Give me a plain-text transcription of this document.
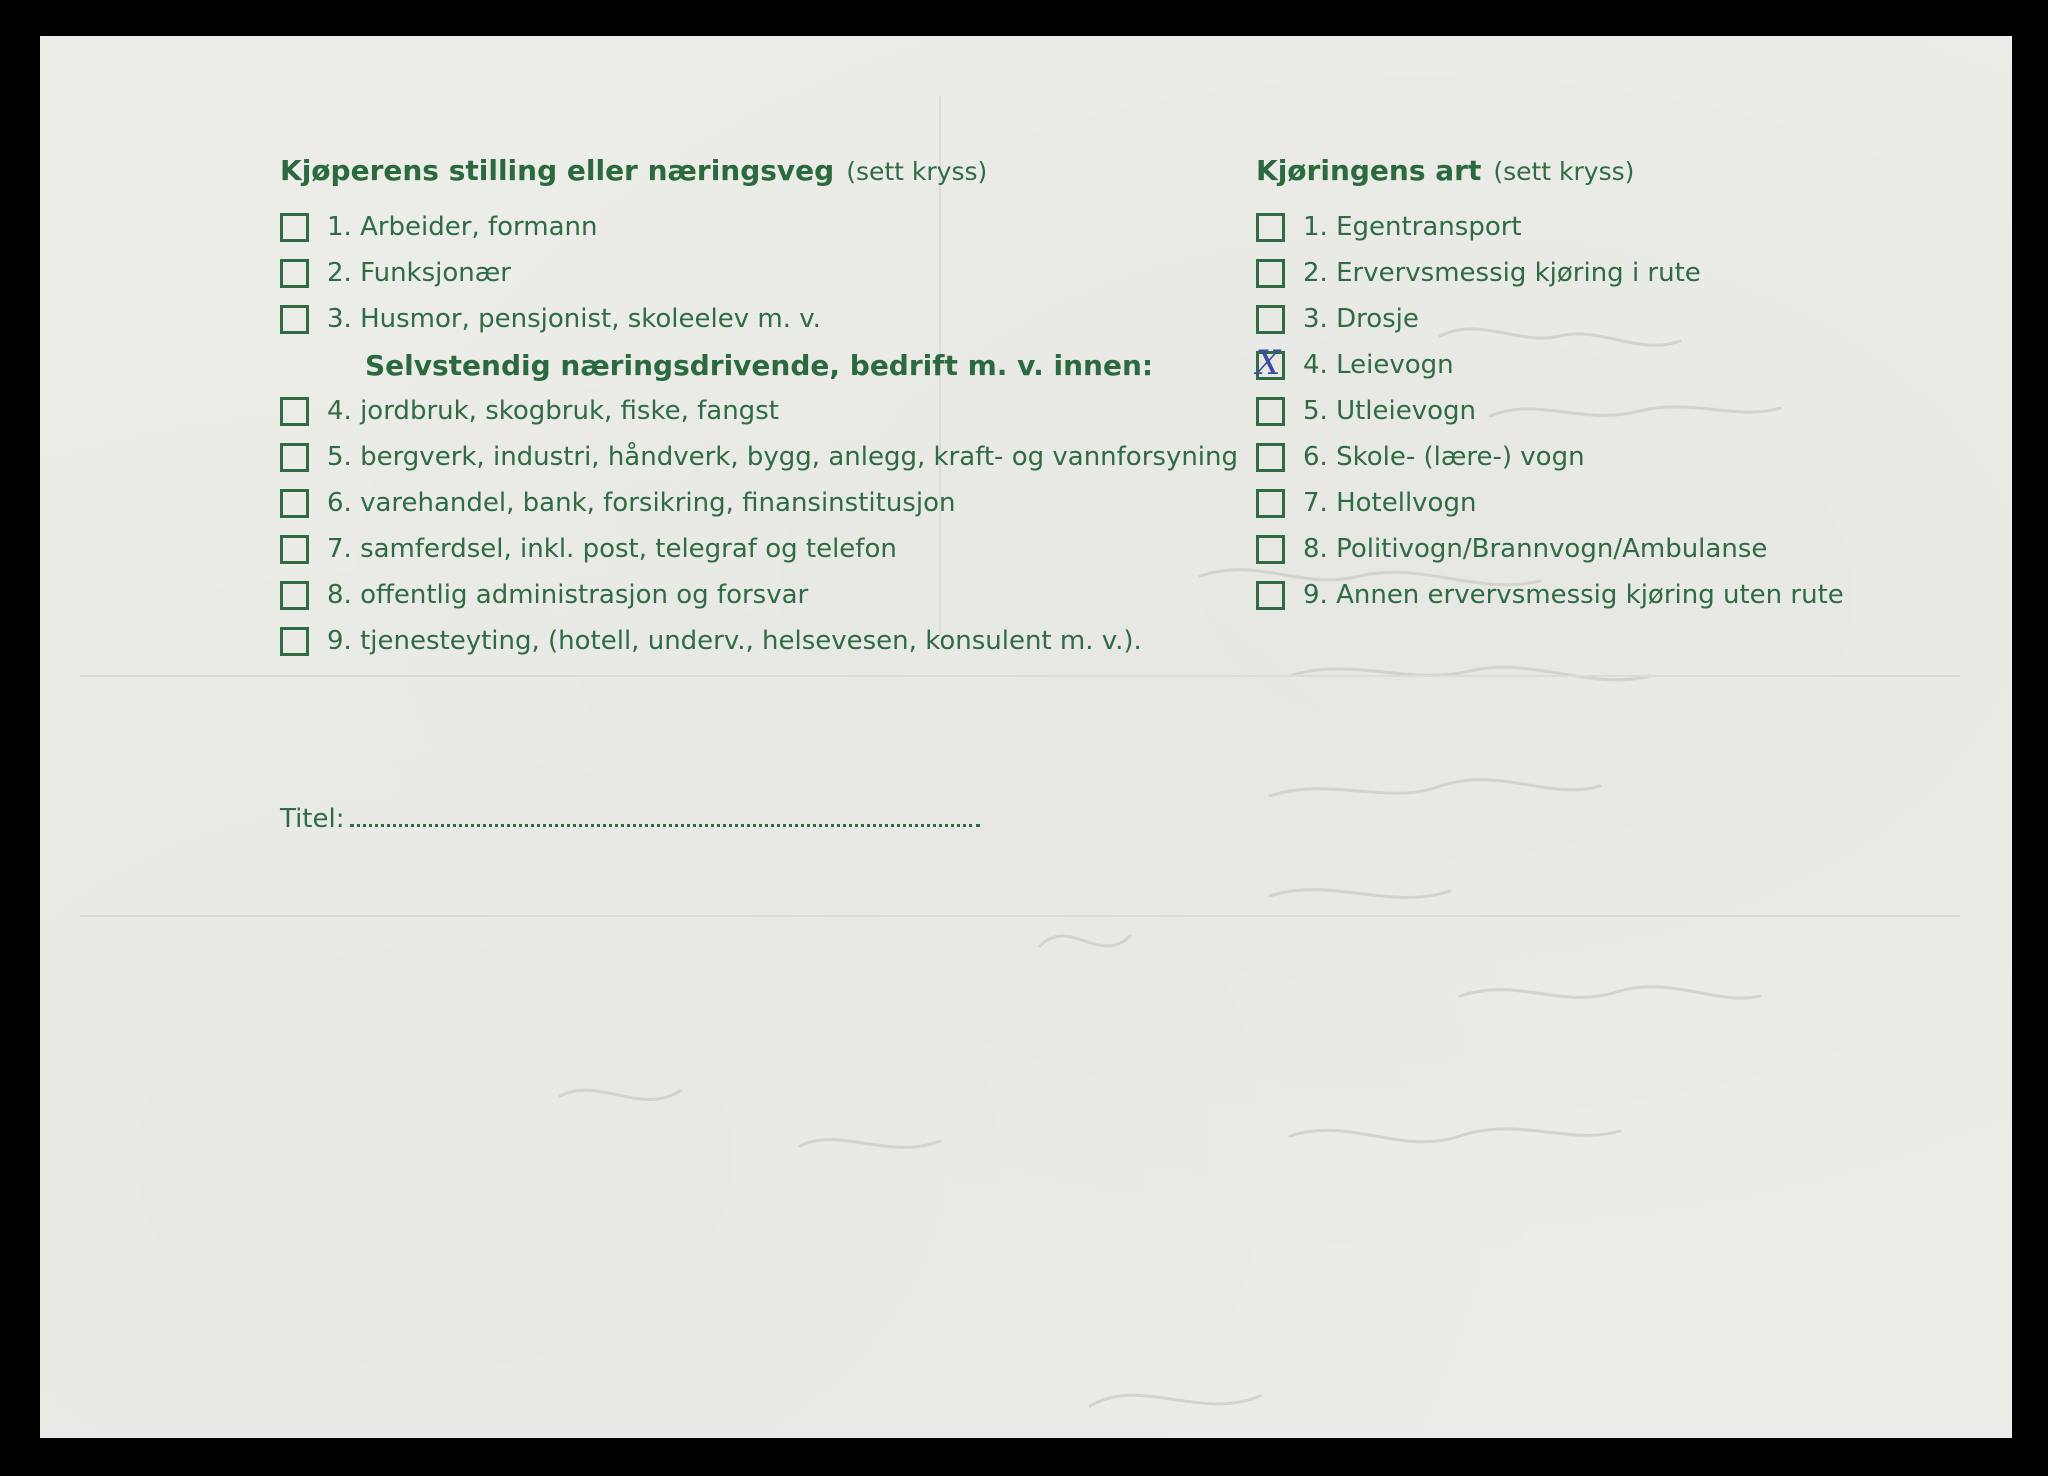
Kjøperens stilling eller næringsveg (sett kryss)
1. Arbeider, formann
2. Funksjonær
3. Husmor, pensjonist, skoleelev m. v.
Selvstendig næringsdrivende, bedrift m. v. innen:
4. jordbruk, skogbruk, fiske, fangst
5. bergverk, industri, håndverk, bygg, anlegg, kraft- og vannforsyning
6. varehandel, bank, forsikring, finansinstitusjon
7. samferdsel, inkl. post, telegraf og telefon
8. offentlig administrasjon og forsvar
9. tjenesteyting, (hotell, underv., helsevesen, konsulent m. v.).
Titel:
Kjøringens art (sett kryss)
1. Egentransport
2. Ervervsmessig kjøring i rute
3. Drosje
X 4. Leievogn
5. Utleievogn
6. Skole- (lære-) vogn
7. Hotellvogn
8. Politivogn/Brannvogn/Ambulanse
9. Annen ervervsmessig kjøring uten rute
